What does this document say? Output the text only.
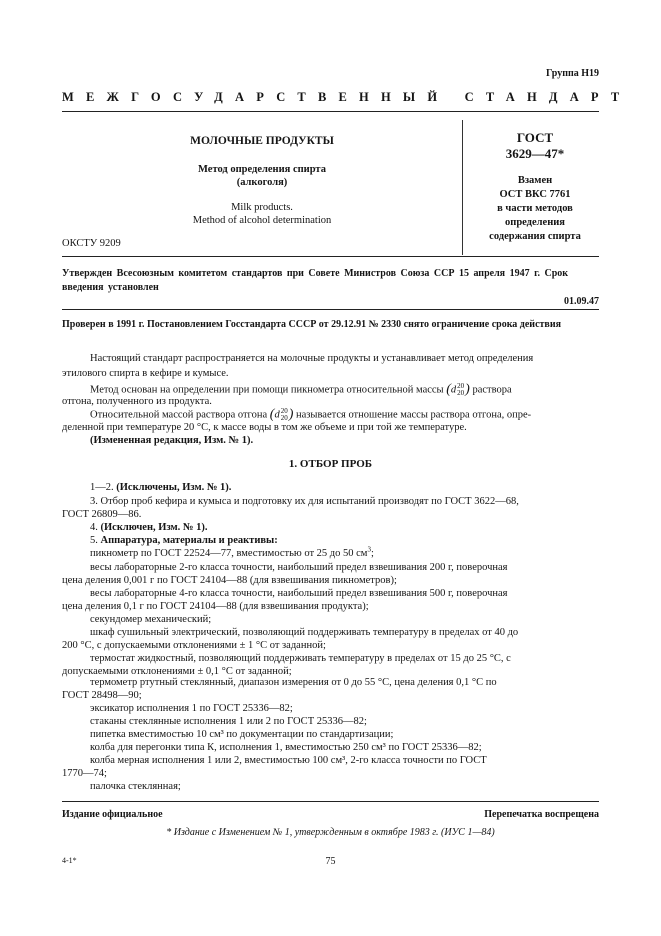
Группа Н19
МЕЖГОСУДАРСТВЕННЫЙ СТАНДАРТ
МОЛОЧНЫЕ ПРОДУКТЫ
Метод определения спирта
(алкоголя)
Milk products.
Method of alcohol determination
ОКСТУ 9209
ГОСТ
3629—47*
Взамен
ОСТ ВКС 7761
в части методов
определения
содержания спирта
Утвержден Всесоюзным комитетом стандартов при Совете Министров Союза ССР 15 апреля 1947 г. Срок
введения установлен
01.09.47
Проверен в 1991 г. Постановлением Госстандарта СССР от 29.12.91 № 2330 снято ограничение срока действия
Настоящий стандарт распространяется на молочные продукты и устанавливает метод определения
этилового спирта в кефире и кумысе.
Метод основан на определении при помощи пикнометра относительной массы (d 20
20 ) раствора
отгона, полученного из продукта.
Относительной массой раствора отгона (d 20
20 ) называется отношение массы раствора отгона, опре-
деленной при температуре 20 °С, к массе воды в том же объеме и при той же температуре.
(Измененная редакция, Изм. № 1).
1. ОТБОР ПРОБ
1—2. (Исключены, Изм. № 1).
3. Отбор проб кефира и кумыса и подготовку их для испытаний производят по ГОСТ 3622—68,
ГОСТ 26809—86.
4. (Исключен, Изм. № 1).
5. Аппаратура, материалы и реактивы:
пикнометр по ГОСТ 22524—77, вместимостью от 25 до 50 $см^3$;
весы лабораторные 2-го класса точности, наибольший предел взвешивания 200 г, поверочная
цена деления 0,001 г по ГОСТ 24104—88 (для взвешивания пикнометров);
весы лабораторные 4-го класса точности, наибольший предел взвешивания 500 г, поверочная
цена деления 0,1 г по ГОСТ 24104—88 (для взвешивания продукта);
секундомер механический;
шкаф сушильный электрический, позволяющий поддерживать температуру в пределах от 40 до
200 °С, с допускаемыми отклонениями ± 1 °С от заданной;
термостат жидкостный, позволяющий поддерживать температуру в пределах от 15 до 25 °С, с
допускаемыми отклонениями ± 0,1 °С от заданной;
термометр ртутный стеклянный, диапазон измерения от 0 до 55 °С, цена деления 0,1 °С по
ГОСТ 28498—90;
эксикатор исполнения 1 по ГОСТ 25336—82;
стаканы стеклянные исполнения 1 или 2 по ГОСТ 25336—82;
пипетка вместимостью 10 см³ по документации по стандартизации;
колба для перегонки типа К, исполнения 1, вместимостью 250 см³ по ГОСТ 25336—82;
колба мерная исполнения 1 или 2, вместимостью 100 см³, 2-го класса точности по ГОСТ
1770—74;
палочка стеклянная;
Издание официальное	Перепечатка воспрещена
* Издание с Изменением № 1, утвержденным в октябре 1983 г. (ИУС 1—84)
4-1*	75
